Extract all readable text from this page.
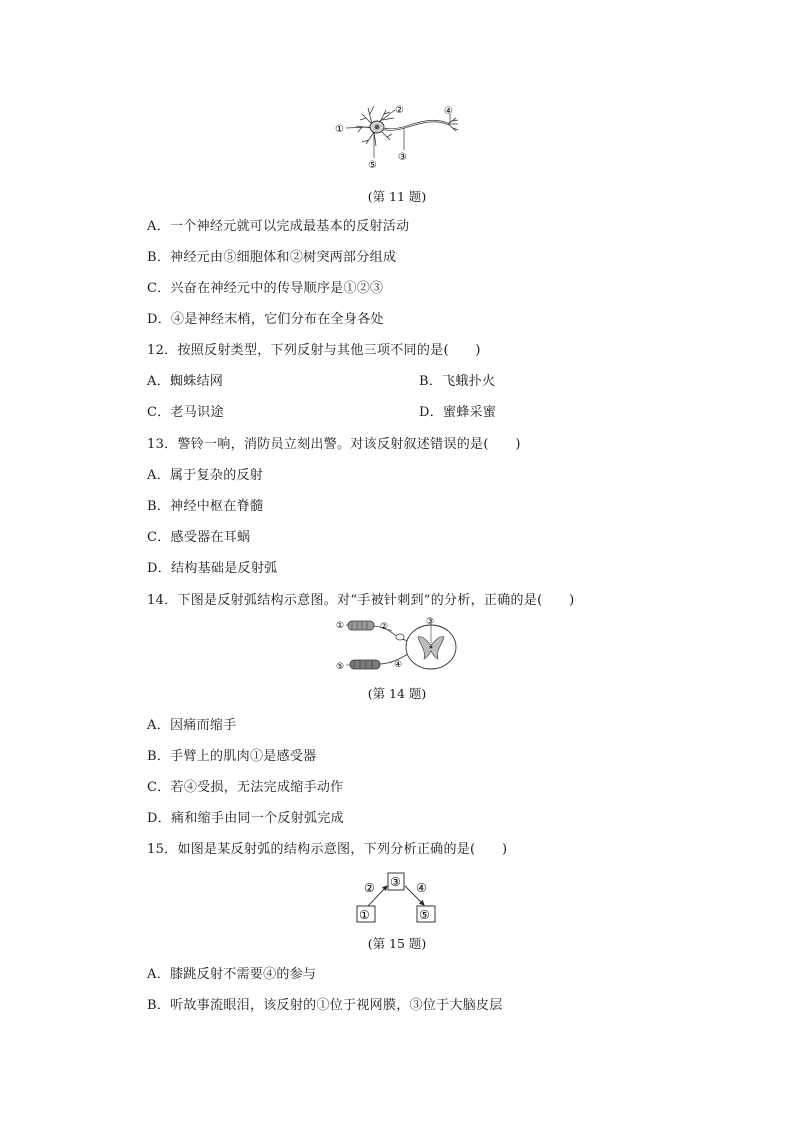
①
②
③
④
⑤
(第 11 题)
A．一个神经元就可以完成最基本的反射活动
B．神经元由⑤细胞体和②树突两部分组成
C．兴奋在神经元中的传导顺序是①②③
D．④是神经末梢，它们分布在全身各处
12．按照反射类型，下列反射与其他三项不同的是(　　)
A．蜘蛛结网	B．飞蛾扑火
C．老马识途	D．蜜蜂采蜜
13．警铃一响，消防员立刻出警。对该反射叙述错误的是(　　)
A．属于复杂的反射
B．神经中枢在脊髓
C．感受器在耳蜗
D．结构基础是反射弧
14．下图是反射弧结构示意图。对“手被针刺到”的分析，正确的是(　　)
①	②	③
④
⑤
(第 14 题)
A．因痛而缩手
B．手臂上的肌肉①是感受器
C．若④受损，无法完成缩手动作
D．痛和缩手由同一个反射弧完成
15．如图是某反射弧的结构示意图，下列分析正确的是(　　)
③
①	⑤
②	④
(第 15 题)
A．膝跳反射不需要④的参与
B．听故事流眼泪，该反射的①位于视网膜，③位于大脑皮层
